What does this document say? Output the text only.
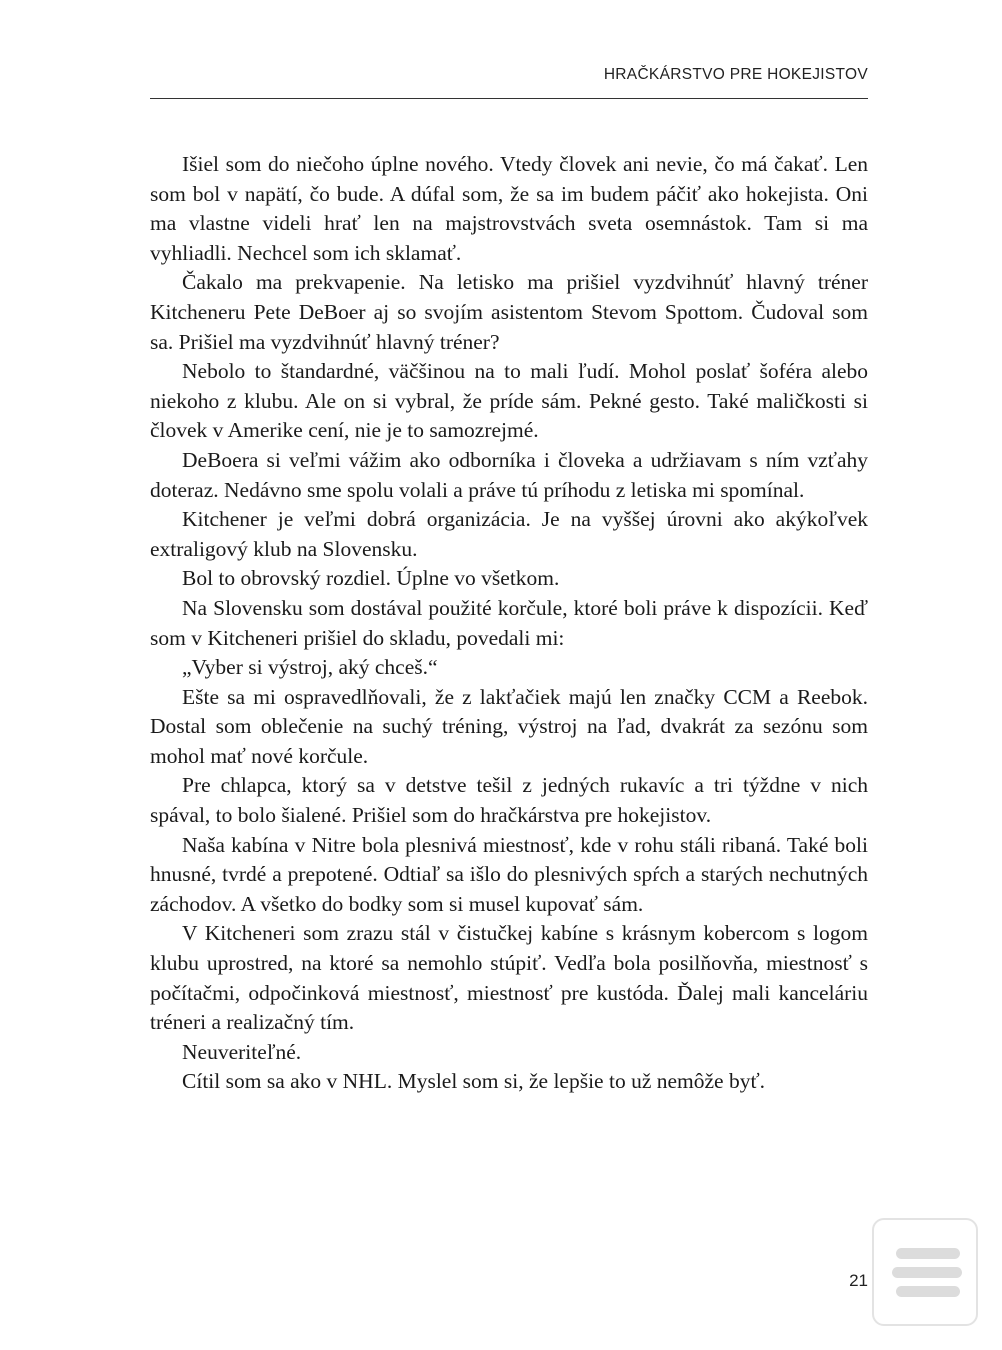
HRAČKÁRSTVO PRE HOKEJISTOV

Išiel som do niečoho úplne nového. Vtedy človek ani nevie, čo má čakať. Len som bol v napätí, čo bude. A dúfal som, že sa im budem páčiť ako hokejista. Oni ma vlastne videli hrať len na majstrovstvách sveta osemnástok. Tam si ma vyhliadli. Nechcel som ich sklamať.

Čakalo ma prekvapenie. Na letisko ma prišiel vyzdvihnúť hlavný tréner Kitcheneru Pete DeBoer aj so svojím asistentom Stevom Spottom. Čudoval som sa. Prišiel ma vyzdvihnúť hlavný tréner?

Nebolo to štandardné, väčšinou na to mali ľudí. Mohol poslať šoféra alebo niekoho z klubu. Ale on si vybral, že príde sám. Pekné gesto. Také maličkosti si človek v Amerike cení, nie je to samozrejmé.

DeBoera si veľmi vážim ako odborníka i človeka a udržiavam s ním vzťahy doteraz. Nedávno sme spolu volali a práve tú príhodu z letiska mi spomínal.

Kitchener je veľmi dobrá organizácia. Je na vyššej úrovni ako akýkoľvek extraligový klub na Slovensku.

Bol to obrovský rozdiel. Úplne vo všetkom.

Na Slovensku som dostával použité korčule, ktoré boli práve k dispozícii. Keď som v Kitcheneri prišiel do skladu, povedali mi:

„Vyber si výstroj, aký chceš.“

Ešte sa mi ospravedlňovali, že z lakťačiek majú len značky CCM a Reebok. Dostal som oblečenie na suchý tréning, výstroj na ľad, dvakrát za sezónu som mohol mať nové korčule.

Pre chlapca, ktorý sa v detstve tešil z jedných rukavíc a tri týždne v nich spával, to bolo šialené. Prišiel som do hračkárstva pre hokejistov.

Naša kabína v Nitre bola plesnivá miestnosť, kde v rohu stáli ribaná. Také boli hnusné, tvrdé a prepotené. Odtiaľ sa išlo do plesnivých spŕch a starých nechutných záchodov. A všetko do bodky som si musel kupovať sám.

V Kitcheneri som zrazu stál v čistučkej kabíne s krásnym kobercom s logom klubu uprostred, na ktoré sa nemohlo stúpiť. Vedľa bola posilňovňa, miestnosť s počítačmi, odpočinková miestnosť, miestnosť pre kustóda. Ďalej mali kanceláriu tréneri a realizačný tím.

Neuveriteľné.

Cítil som sa ako v NHL. Myslel som si, že lepšie to už nemôže byť.

21
